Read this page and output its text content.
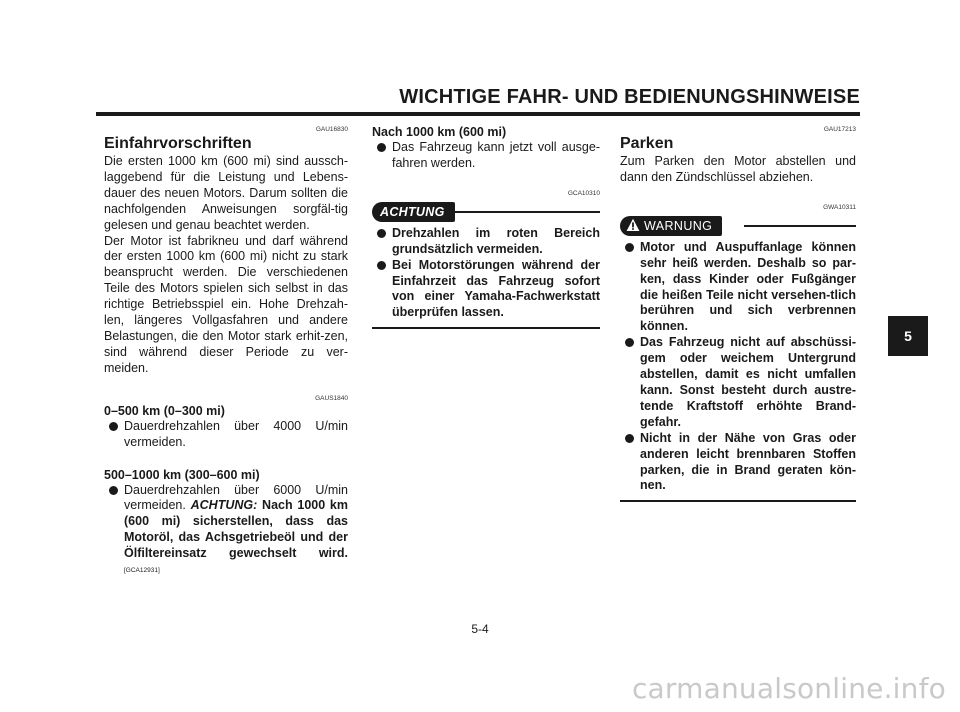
WICHTIGE FAHR- UND BEDIENUNGSHINWEISE
GAU16830
Einfahrvorschriften
Die ersten 1000 km (600 mi) sind aussch-laggebend für die Leistung und Lebens-dauer des neuen Motors. Darum sollten die nachfolgenden Anweisungen sorgfäl-tig gelesen und genau beachtet werden.
Der Motor ist fabrikneu und darf während der ersten 1000 km (600 mi) nicht zu stark beansprucht werden. Die verschiedenen Teile des Motors spielen sich selbst in das richtige Betriebsspiel ein. Hohe Drehzah-len, längeres Vollgasfahren und andere Belastungen, die den Motor stark erhit-zen, sind während dieser Periode zu ver-meiden.
GAUS1840
0–500 km (0–300 mi)
Dauerdrehzahlen über 4000 U/min vermeiden.
500–1000 km (300–600 mi)
Dauerdrehzahlen über 6000 U/min vermeiden. ACHTUNG: Nach 1000 km (600 mi) sicherstellen, dass das Motoröl, das Achsgetriebeöl und der Ölfiltereinsatz gewechselt wird. [GCA12931]
Nach 1000 km (600 mi)
Das Fahrzeug kann jetzt voll ausge-fahren werden.
GCA10310
ACHTUNG
Drehzahlen im roten Bereich grundsätzlich vermeiden.
Bei Motorstörungen während der Einfahrzeit das Fahrzeug sofort von einer Yamaha-Fachwerkstatt überprüfen lassen.
GAU17213
Parken
Zum Parken den Motor abstellen und dann den Zündschlüssel abziehen.
GWA10311
WARNUNG
Motor und Auspuffanlage können sehr heiß werden. Deshalb so par-ken, dass Kinder oder Fußgänger die heißen Teile nicht versehen-tlich berühren und sich verbrennen können.
Das Fahrzeug nicht auf abschüssi-gem oder weichem Untergrund abstellen, damit es nicht umfallen kann. Sonst besteht durch austre-tende Kraftstoff erhöhte Brand-gefahr.
Nicht in der Nähe von Gras oder anderen leicht brennbaren Stoffen parken, die in Brand geraten kön-nen.
5
5-4
carmanualsonline.info
